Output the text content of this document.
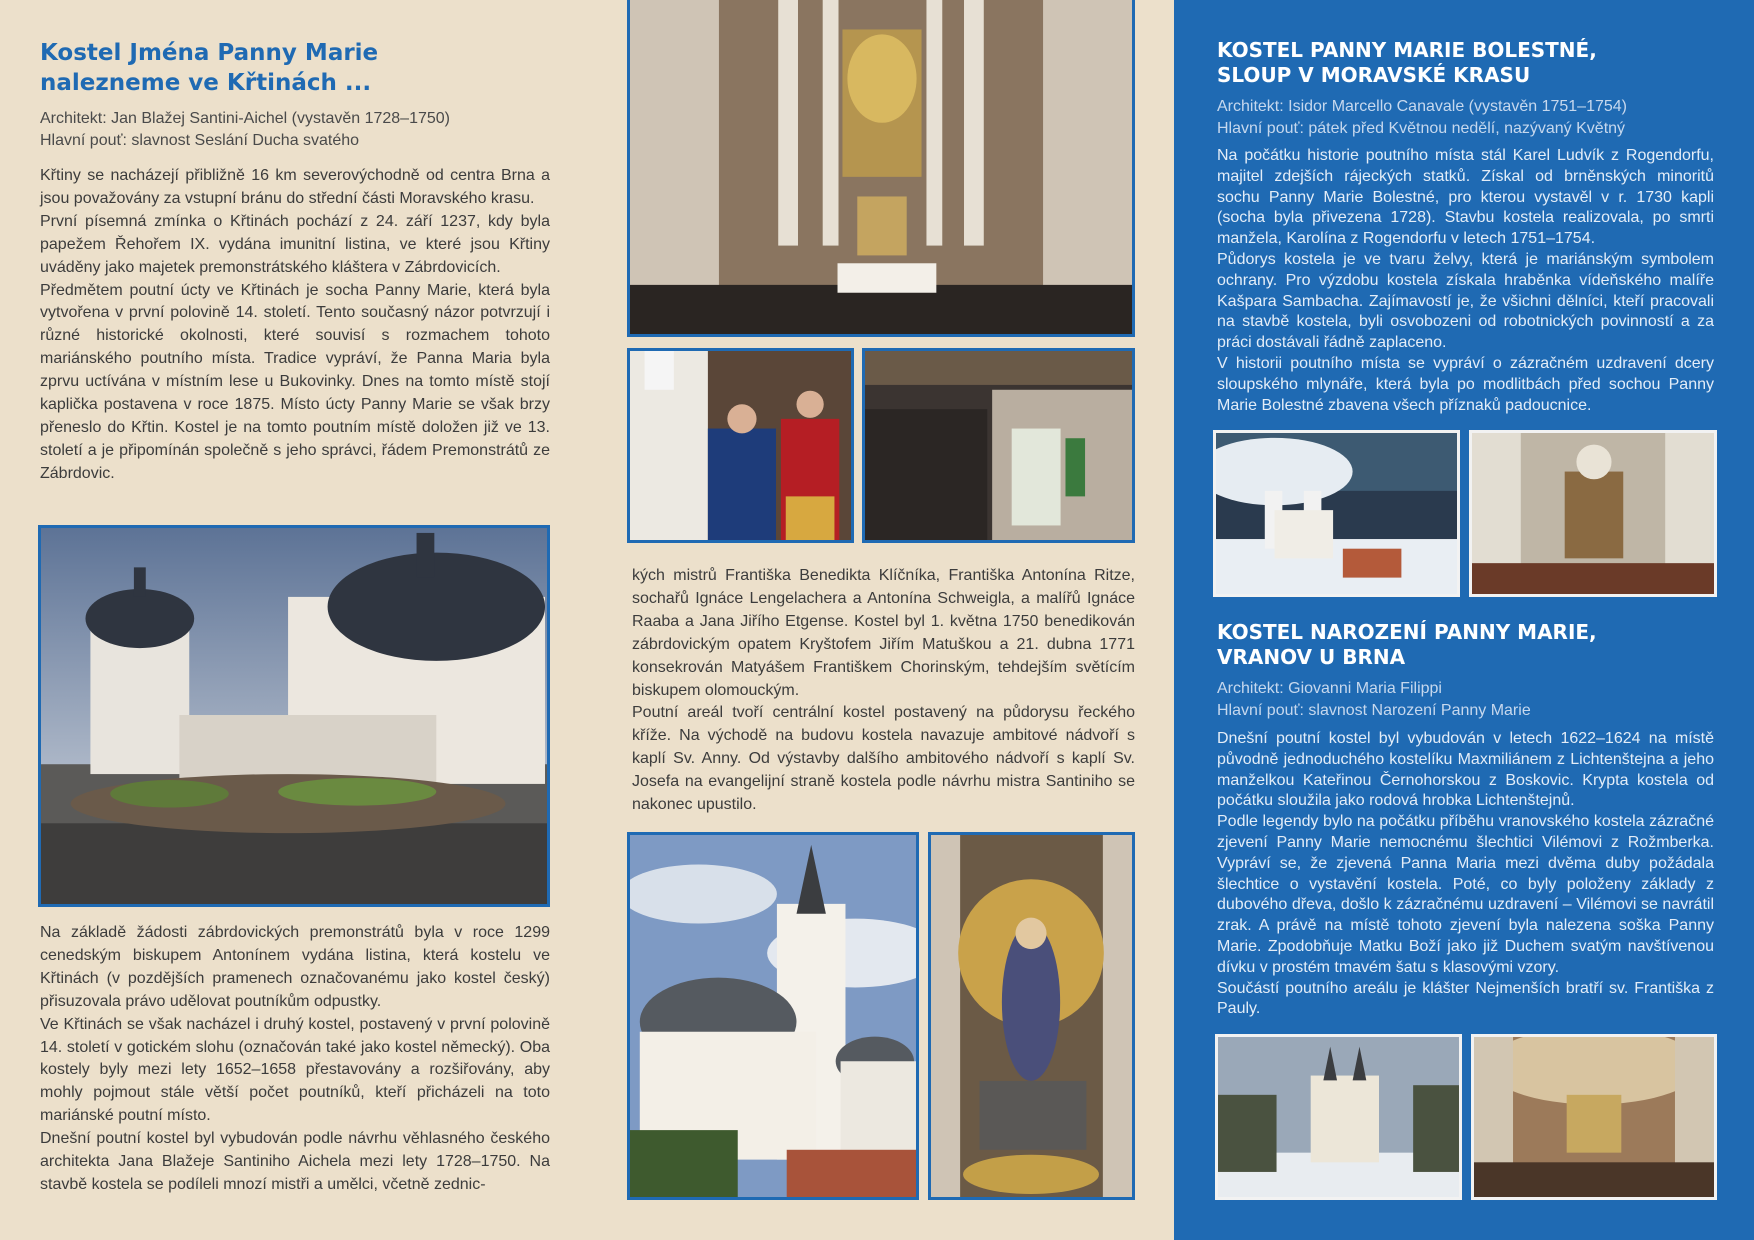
Kostel Jména Panny Marie
nalezneme ve Křtinách ...
Architekt: Jan Blažej Santini-Aichel (vystavěn 1728–1750)
Hlavní pouť: slavnost Seslání Ducha svatého

Křtiny se nacházejí přibližně 16 km severovýchodně od centra Brna a jsou považovány za vstupní bránu do střední části Moravského krasu.
První písemná zmínka o Křtinách pochází z 24. září 1237, kdy byla papežem Řehořem IX. vydána imunitní listina, ve které jsou Křtiny uváděny jako majetek premonstrátského kláštera v Zábrdovicích.
Předmětem poutní úcty ve Křtinách je socha Panny Marie, která byla vytvořena v první polovině 14. století. Tento současný názor potvrzují i různé historické okolnosti, které souvisí s rozmachem tohoto mariánského poutního místa. Tradice vypráví, že Panna Maria byla zprvu uctívána v místním lese u Bukovinky. Dnes na tomto místě stojí kaplička postavena v roce 1875. Místo úcty Panny Marie se však brzy přeneslo do Křtin. Kostel je na tomto poutním místě doložen již ve 13. století a je připomínán společně s jeho správci, řádem Premonstrátů ze Zábrdovic.

Na základě žádosti zábrdovických premonstrátů byla v roce 1299 cenedským biskupem Antonínem vydána listina, která kostelu ve Křtinách (v pozdějších pramenech označovanému jako kostel český) přisuzovala právo udělovat poutníkům odpustky.
Ve Křtinách se však nacházel i druhý kostel, postavený v první polovině 14. století v gotickém slohu (označován také jako kostel německý). Oba kostely byly mezi lety 1652–1658 přestavovány a rozšiřovány, aby mohly pojmout stále větší počet poutníků, kteří přicházeli na toto mariánské poutní místo.
Dnešní poutní kostel byl vybudován podle návrhu věhlasného českého architekta Jana Blažeje Santiniho Aichela mezi lety 1728–1750. Na stavbě kostela se podíleli mnozí mistři a umělci, včetně zednic-

kých mistrů Františka Benedikta Klíčníka, Františka Antonína Ritze, sochařů Ignáce Lengelachera a Antonína Schweigla, a malířů Ignáce Raaba a Jana Jiřího Etgense. Kostel byl 1. května 1750 benedikován zábrdovickým opatem Kryštofem Jiřím Matuškou a 21. dubna 1771 konsekrován Matyášem Františkem Chorinským, tehdejším světícím biskupem olomouckým.
Poutní areál tvoří centrální kostel postavený na půdorysu řeckého kříže. Na východě na budovu kostela navazuje ambitové nádvoří s kaplí Sv. Anny. Od výstavby dalšího ambitového nádvoří s kaplí Sv. Josefa na evangelijní straně kostela podle návrhu mistra Santiniho se nakonec upustilo.

KOSTEL PANNY MARIE BOLESTNÉ,
SLOUP V MORAVSKÉ KRASU
Architekt: Isidor Marcello Canavale (vystavěn 1751–1754)
Hlavní pouť: pátek před Květnou nedělí, nazývaný Květný

Na počátku historie poutního místa stál Karel Ludvík z Rogendorfu, majitel zdejších rájeckých statků. Získal od brněnských minoritů sochu Panny Marie Bolestné, pro kterou vystavěl v r. 1730 kapli (socha byla přivezena 1728). Stavbu kostela realizovala, po smrti manžela, Karolína z Rogendorfu v letech 1751–1754.
Půdorys kostela je ve tvaru želvy, která je mariánským symbolem ochrany. Pro výzdobu kostela získala hraběnka vídeňského malíře Kašpara Sambacha. Zajímavostí je, že všichni dělníci, kteří pracovali na stavbě kostela, byli osvobozeni od robotnických povinností a za práci dostávali řádně zaplaceno.
V historii poutního místa se vypráví o zázračném uzdravení dcery sloupského mlynáře, která byla po modlitbách před sochou Panny Marie Bolestné zbavena všech příznaků padoucnice.

KOSTEL NAROZENÍ PANNY MARIE,
VRANOV U BRNA
Architekt: Giovanni Maria Filippi
Hlavní pouť: slavnost Narození Panny Marie

Dnešní poutní kostel byl vybudován v letech 1622–1624 na místě původně jednoduchého kostelíku Maxmiliánem z Lichtenštejna a jeho manželkou Kateřinou Černohorskou z Boskovic. Krypta kostela od počátku sloužila jako rodová hrobka Lichtenštejnů.
Podle legendy bylo na počátku příběhu vranovského kostela zázračné zjevení Panny Marie nemocnému šlechtici Vilémovi z Rožmberka. Vypráví se, že zjevená Panna Maria mezi dvěma duby požádala šlechtice o vystavění kostela. Poté, co byly položeny základy z dubového dřeva, došlo k zázračnému uzdravení – Vilémovi se navrátil zrak. A právě na místě tohoto zjevení byla nalezena soška Panny Marie. Zpodobňuje Matku Boží jako již Duchem svatým navštívenou dívku v prostém tmavém šatu s klasovými vzory.
Součástí poutního areálu je klášter Nejmenších bratří sv. Františka z Pauly.
